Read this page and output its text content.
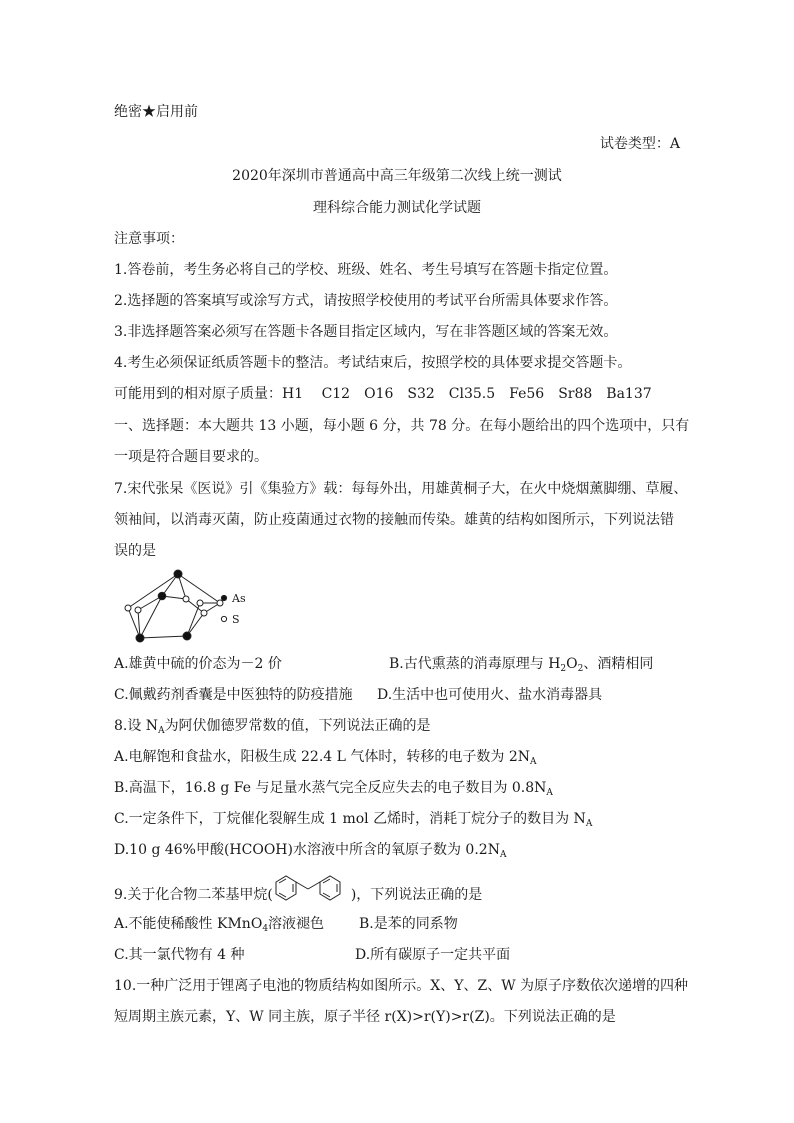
绝密★启用前
试卷类型：A
2020年深圳市普通高中高三年级第二次线上统一测试
理科综合能力测试化学试题
注意事项：
1.答卷前，考生务必将自己的学校、班级、姓名、考生号填写在答题卡指定位置。
2.选择题的答案填写或涂写方式，请按照学校使用的考试平台所需具体要求作答。
3.非选择题答案必须写在答题卡各题目指定区域内，写在非答题区域的答案无效。
4.考生必须保证纸质答题卡的整洁。考试结束后，按照学校的具体要求提交答题卡。
可能用到的相对原子质量：H1　 C12　O16　S32　Cl35.5　Fe56　Sr88　Ba137
一、选择题：本大题共 13 小题，每小题 6 分，共 78 分。在每小题给出的四个选项中，只有
一项是符合题目要求的。
7.宋代张杲《医说》引《集验方》载：每每外出，用雄黄桐子大，在火中烧烟薰脚绷、草履、
领袖间，以消毒灭菌，防止疫菌通过衣物的接触而传染。雄黄的结构如图所示，下列说法错
误的是
As
S
A.雄黄中硫的价态为－2 价	B.古代熏蒸的消毒原理与 $H_2O_2$、酒精相同
C.佩戴药剂香囊是中医独特的防疫措施 D.生活中也可使用火、盐水消毒器具
8.设 $N_A$为阿伏伽德罗常数的值，下列说法正确的是
A.电解饱和食盐水，阳极生成 22.4 L 气体时，转移的电子数为 $2N_A$
B.高温下，16.8 g Fe 与足量水蒸气完全反应失去的电子数目为 $0.8N_A$
C.一定条件下，丁烷催化裂解生成 1 mol 乙烯时，消耗丁烷分子的数目为 $N_A$
D.10 g 46%甲酸(HCOOH)水溶液中所含的氧原子数为 $0.2N_A$
9.关于化合物二苯基甲烷(	)，下列说法正确的是
A.不能使稀酸性 KMnO$_4$溶液褪色 B.是苯的同系物
C.其一氯代物有 4 种	D.所有碳原子一定共平面
10.一种广泛用于锂离子电池的物质结构如图所示。X、Y、Z、W 为原子序数依次递增的四种
短周期主族元素，Y、W 同主族，原子半径 r(X)>r(Y)>r(Z)。下列说法正确的是
